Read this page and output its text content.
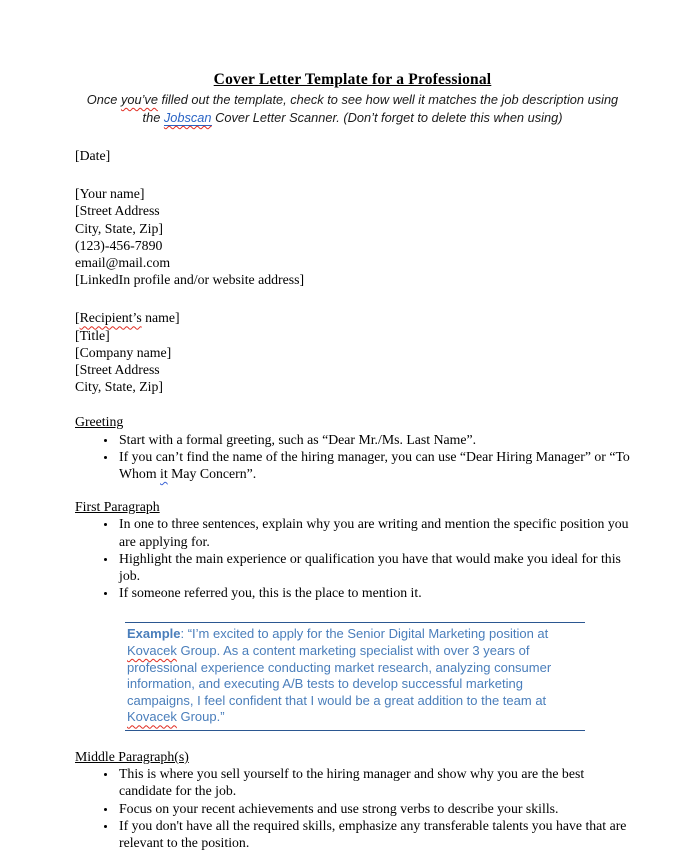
Cover Letter Template for a Professional

Once you’ve filled out the template, check to see how well it matches the job description using
the Jobscan Cover Letter Scanner. (Don’t forget to delete this when using)

[Date]
[Your name]
[Street Address
City, State, Zip]
(123)-456-7890
email@mail.com
[LinkedIn profile and/or website address]
[Recipient’s name]
[Title]
[Company name]
[Street Address
City, State, Zip]
Greeting
• Start with a formal greeting, such as “Dear Mr./Ms. Last Name”.
• If you can’t find the name of the hiring manager, you can use “Dear Hiring Manager” or “To Whom it May Concern”.
First Paragraph
• In one to three sentences, explain why you are writing and mention the specific position you are applying for.
• Highlight the main experience or qualification you have that would make you ideal for this job.
• If someone referred you, this is the place to mention it.
Example: “I’m excited to apply for the Senior Digital Marketing position at Kovacek Group. As a content marketing specialist with over 3 years of professional experience conducting market research, analyzing consumer information, and executing A/B tests to develop successful marketing campaigns, I feel confident that I would be a great addition to the team at Kovacek Group.”
Middle Paragraph(s)
• This is where you sell yourself to the hiring manager and show why you are the best candidate for the job.
• Focus on your recent achievements and use strong verbs to describe your skills.
• If you don't have all the required skills, emphasize any transferable talents you have that are relevant to the position.
